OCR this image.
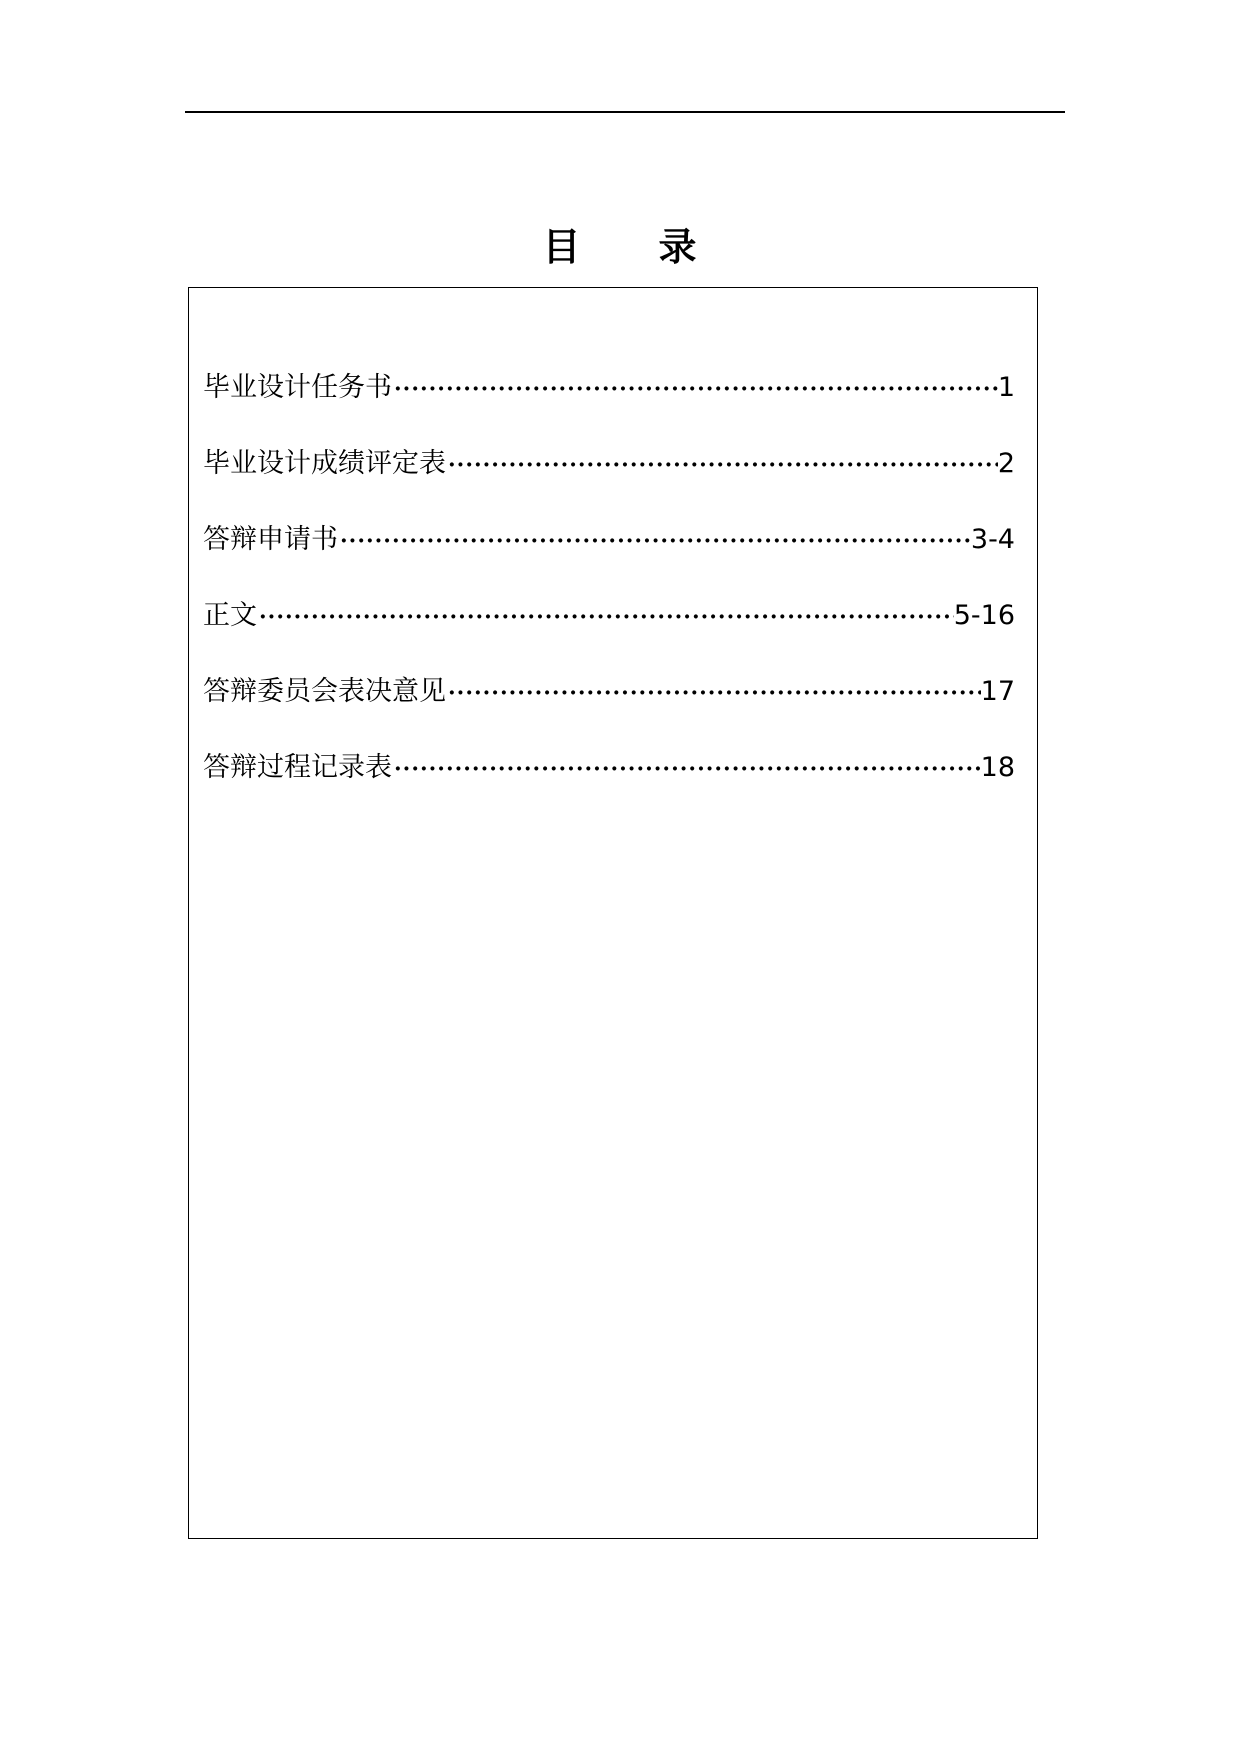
目 录
毕业设计任务书 ·····	1
毕业设计成绩评定表 ·····	2
答辩申请书 ·····	3-4
正文 ·····	5-16
答辩委员会表决意见 ·····	17
答辩过程记录表 ·····	18
